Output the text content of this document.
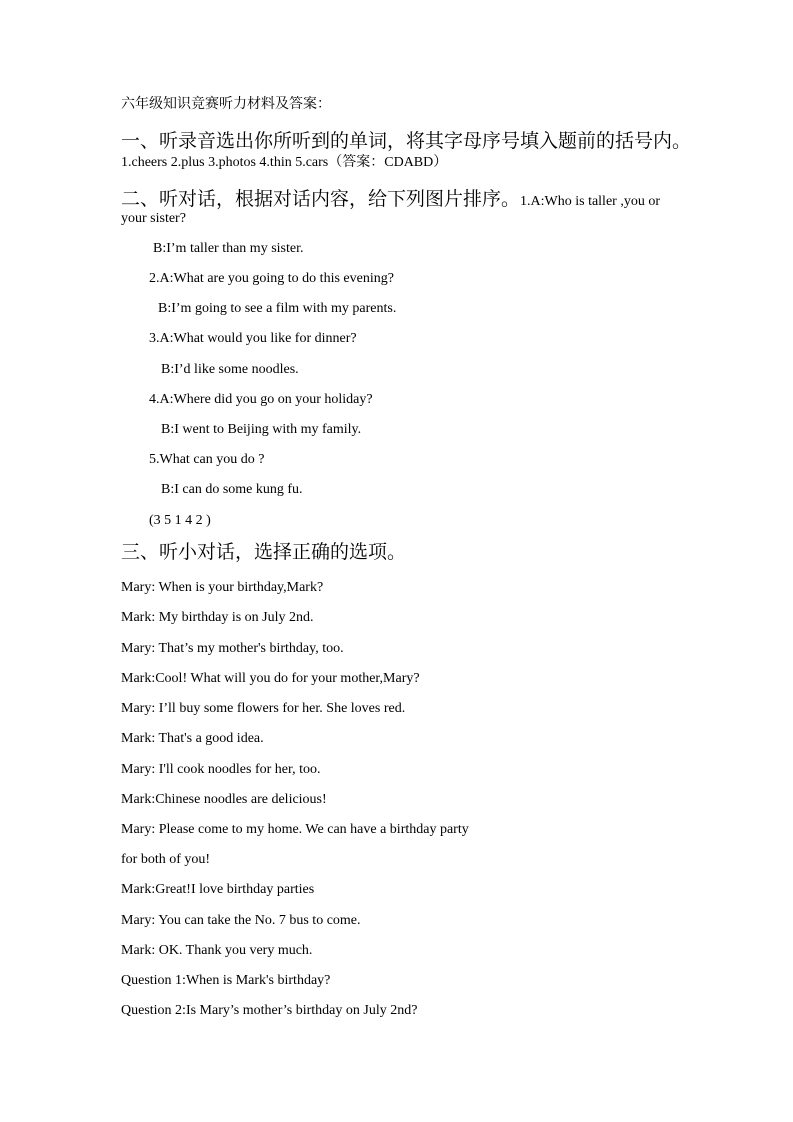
六年级知识竞赛听力材料及答案：
一、听录音选出你所听到的单词，将其字母序号填入题前的括号内。
1.cheers 2.plus 3.photos 4.thin 5.cars（答案：CDABD）
二、听对话，根据对话内容，给下列图片排序。1.A:Who is taller ,you or
your sister?
B:I’m taller than my sister.
2.A:What are you going to do this evening?
B:I’m going to see a film with my parents.
3.A:What would you like for dinner?
B:I’d like some noodles.
4.A:Where did you go on your holiday?
B:I went to Beijing with my family.
5.What can you do ?
B:I can do some kung fu.
(3 5 1 4 2 )
三、听小对话，选择正确的选项。
Mary: When is your birthday,Mark?
Mark: My birthday is on July 2nd.
Mary: That’s my mother's birthday, too.
Mark:Cool! What will you do for your mother,Mary?
Mary: I’ll buy some flowers for her. She loves red.
Mark: That's a good idea.
Mary: I'll cook noodles for her, too.
Mark:Chinese noodles are delicious!
Mary: Please come to my home. We can have a birthday party
for both of you!
Mark:Great!I love birthday parties
Mary: You can take the No. 7 bus to come.
Mark: OK. Thank you very much.
Question 1:When is Mark's birthday?
Question 2:Is Mary’s mother’s birthday on July 2nd?
